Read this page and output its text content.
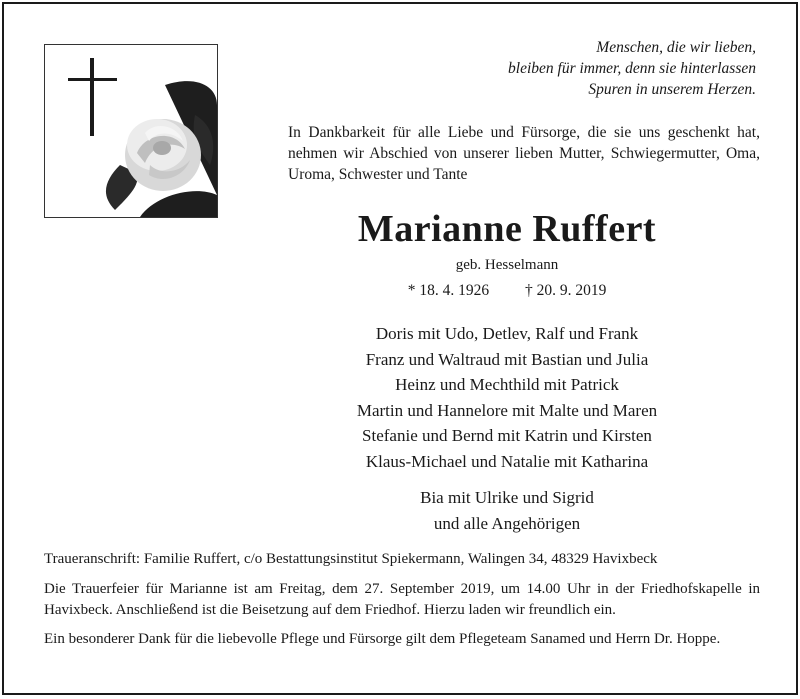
Menschen, die wir lieben,
bleiben für immer, denn sie hinterlassen
Spuren in unserem Herzen.
In Dankbarkeit für alle Liebe und Fürsorge, die sie uns geschenkt hat, nehmen wir Abschied von unserer lieben Mutter, Schwiegermutter, Oma, Uroma, Schwester und Tante
Marianne Ruffert
geb. Hesselmann
* 18. 4. 1926 † 20. 9. 2019
Doris mit Udo, Detlev, Ralf und Frank
Franz und Waltraud mit Bastian und Julia
Heinz und Mechthild mit Patrick
Martin und Hannelore mit Malte und Maren
Stefanie und Bernd mit Katrin und Kirsten
Klaus-Michael und Natalie mit Katharina
Bia mit Ulrike und Sigrid
und alle Angehörigen
Traueranschrift: Familie Ruffert, c/o Bestattungsinstitut Spiekermann, Walingen 34, 48329 Havixbeck
Die Trauerfeier für Marianne ist am Freitag, dem 27. September 2019, um 14.00 Uhr in der Friedhofskapelle in Havixbeck. Anschließend ist die Beisetzung auf dem Friedhof. Hierzu laden wir freundlich ein.
Ein besonderer Dank für die liebevolle Pflege und Fürsorge gilt dem Pflegeteam Sanamed und Herrn Dr. Hoppe.
